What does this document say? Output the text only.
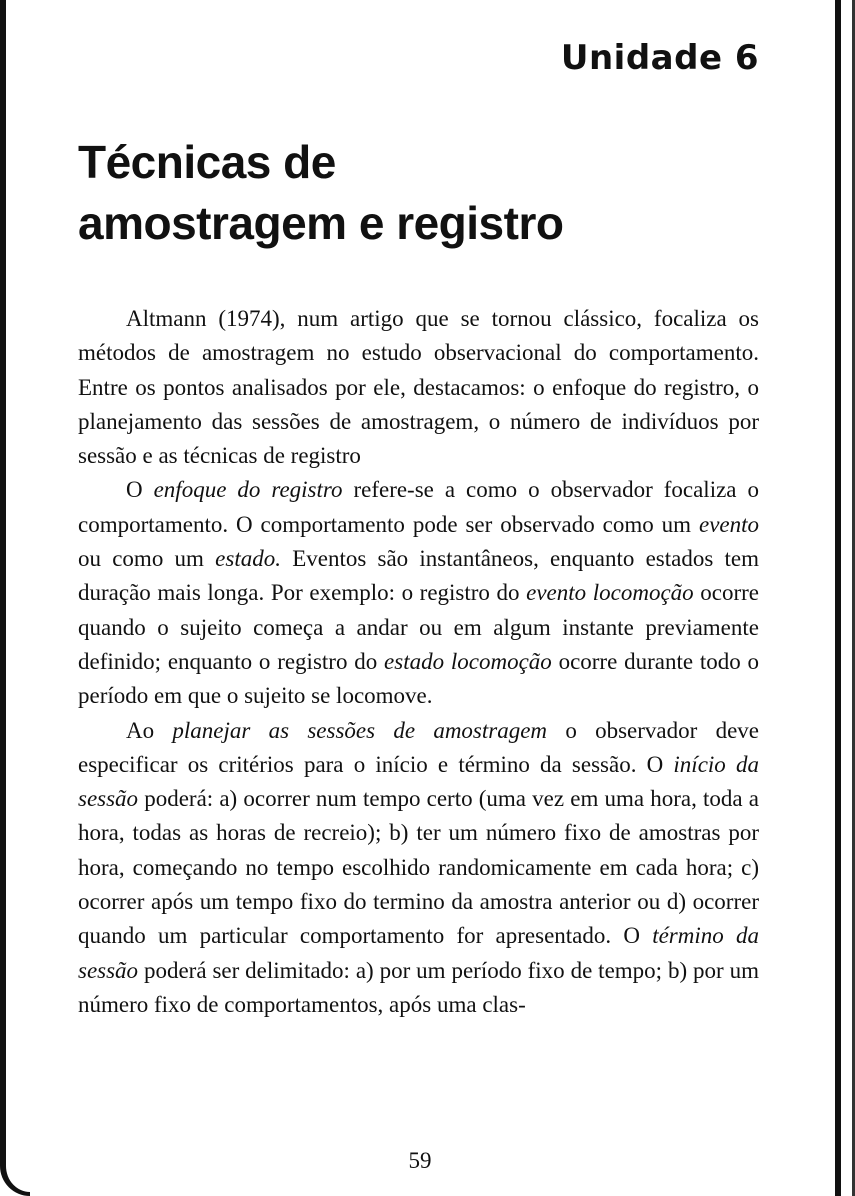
Unidade 6
Técnicas de
amostragem e registro

Altmann (1974), num artigo que se tornou clássico, focaliza os métodos de amostragem no estudo observacional do comportamento. Entre os pontos analisados por ele, destacamos: o enfoque do registro, o planejamento das sessões de amostragem, o número de indivíduos por sessão e as técnicas de registro

O enfoque do registro refere-se a como o observador focaliza o comportamento. O comportamento pode ser observado como um evento ou como um estado. Eventos são instantâneos, enquanto estados tem duração mais longa. Por exemplo: o registro do evento locomoção ocorre quando o sujeito começa a andar ou em algum instante previamente definido; enquanto o registro do estado locomoção ocorre durante todo o período em que o sujeito se locomove.

Ao planejar as sessões de amostragem o observador deve especificar os critérios para o início e término da sessão. O início da sessão poderá: a) ocorrer num tempo certo (uma vez em uma hora, toda a hora, todas as horas de recreio); b) ter um número fixo de amostras por hora, começando no tempo escolhido randomicamente em cada hora; c) ocorrer após um tempo fixo do termino da amostra anterior ou d) ocorrer quando um particular comportamento for apresentado. O término da sessão poderá ser delimitado: a) por um período fixo de tempo; b) por um número fixo de comportamentos, após uma clas-

59
